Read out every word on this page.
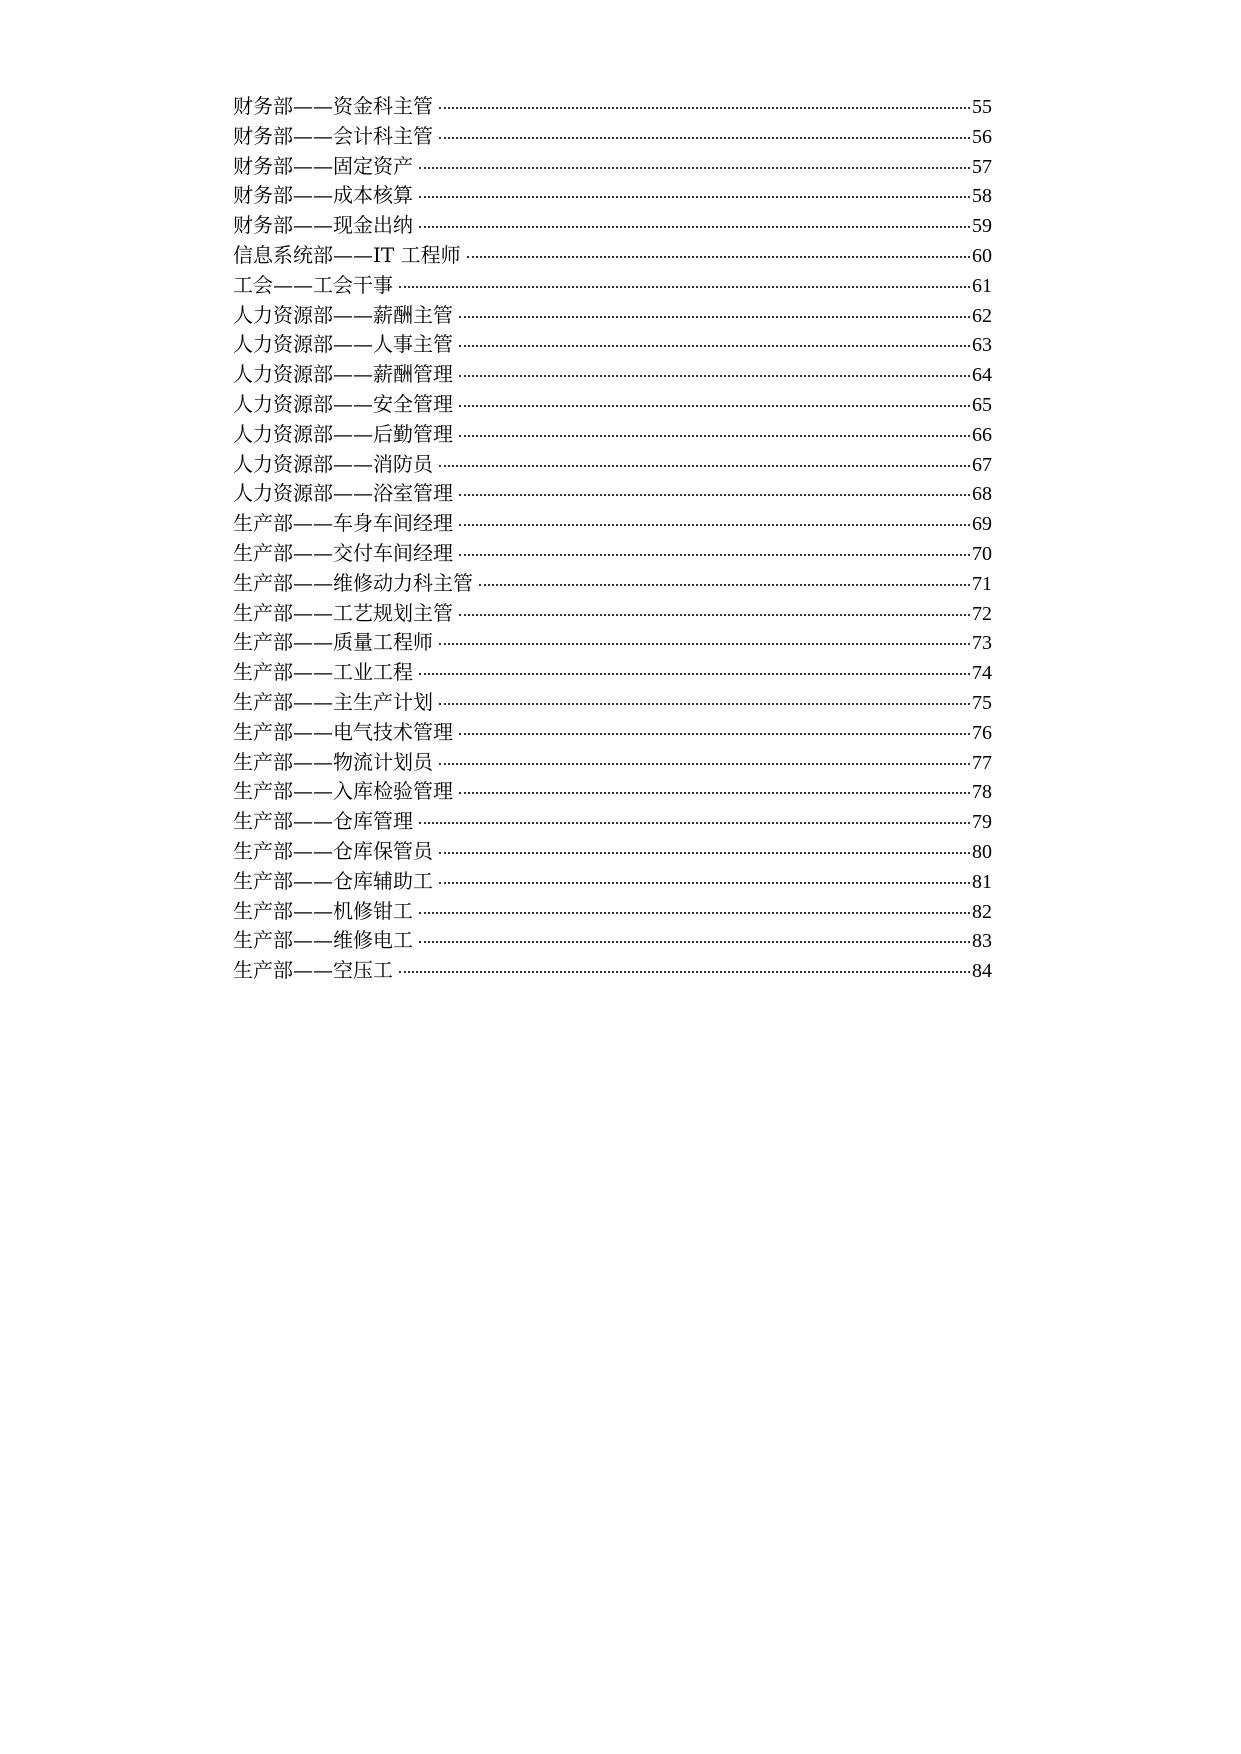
财务部——资金科主管	55
财务部——会计科主管	56
财务部——固定资产	57
财务部——成本核算	58
财务部——现金出纳	59
信息系统部——IT 工程师	60
工会——工会干事	61
人力资源部——薪酬主管	62
人力资源部——人事主管	63
人力资源部——薪酬管理	64
人力资源部——安全管理	65
人力资源部——后勤管理	66
人力资源部——消防员	67
人力资源部——浴室管理	68
生产部——车身车间经理	69
生产部——交付车间经理	70
生产部——维修动力科主管	71
生产部——工艺规划主管	72
生产部——质量工程师	73
生产部——工业工程	74
生产部——主生产计划	75
生产部——电气技术管理	76
生产部——物流计划员	77
生产部——入库检验管理	78
生产部——仓库管理	79
生产部——仓库保管员	80
生产部——仓库辅助工	81
生产部——机修钳工	82
生产部——维修电工	83
生产部——空压工	84
